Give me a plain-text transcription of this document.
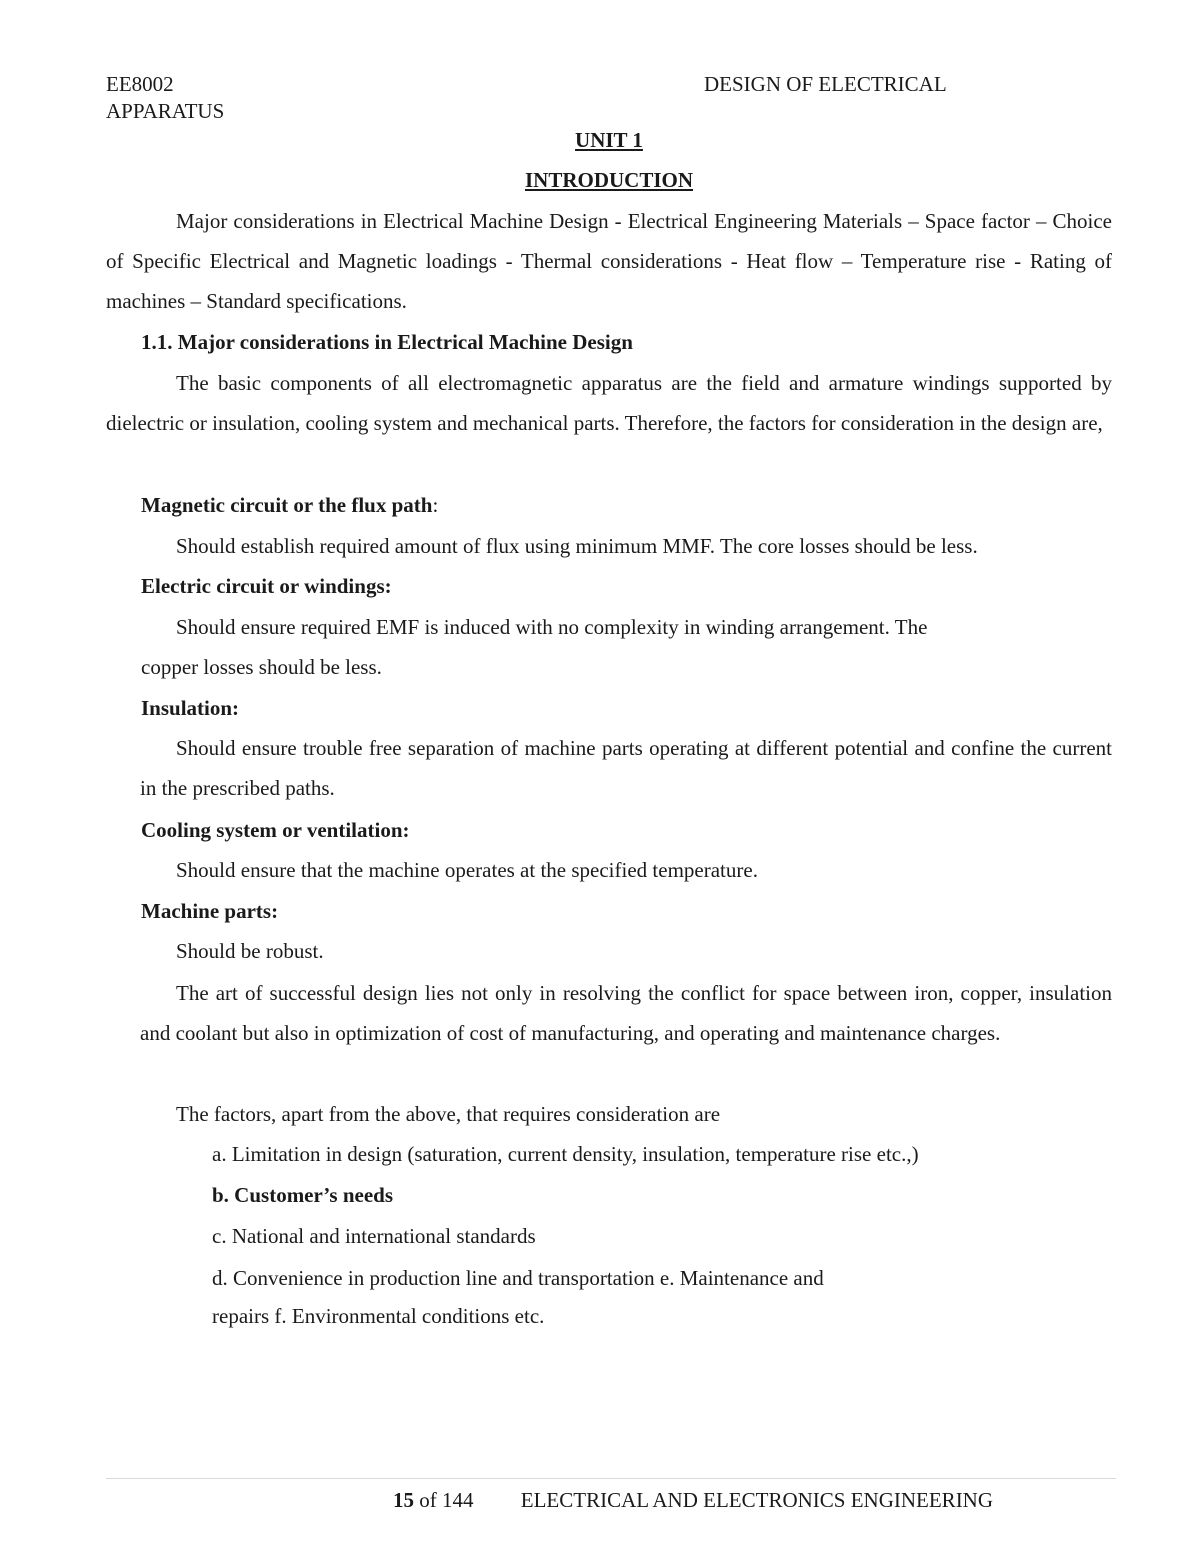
EE8002	DESIGN OF ELECTRICAL
APPARATUS
UNIT 1
INTRODUCTION
Major considerations in Electrical Machine Design - Electrical Engineering Materials – Space factor – Choice of Specific Electrical and Magnetic loadings - Thermal considerations - Heat flow – Temperature rise - Rating of machines – Standard specifications.
1.1. Major considerations in Electrical Machine Design
The basic components of all electromagnetic apparatus are the field and armature windings supported by dielectric or insulation, cooling system and mechanical parts. Therefore, the factors for consideration in the design are,
Magnetic circuit or the flux path:
Should establish required amount of flux using minimum MMF. The core losses should be less.
Electric circuit or windings:
Should ensure required EMF is induced with no complexity in winding arrangement. The
copper losses should be less.
Insulation:
Should ensure trouble free separation of machine parts operating at different potential and confine the current in the prescribed paths.
Cooling system or ventilation:
Should ensure that the machine operates at the specified temperature.
Machine parts:
Should be robust.
The art of successful design lies not only in resolving the conflict for space between iron, copper, insulation and coolant but also in optimization of cost of manufacturing, and operating and maintenance charges.
The factors, apart from the above, that requires consideration are
a. Limitation in design (saturation, current density, insulation, temperature rise etc.,)
b. Customer’s needs
c. National and international standards
d. Convenience in production line and transportation e. Maintenance and
repairs f. Environmental conditions etc.
15 of 144 ELECTRICAL AND ELECTRONICS ENGINEERING
